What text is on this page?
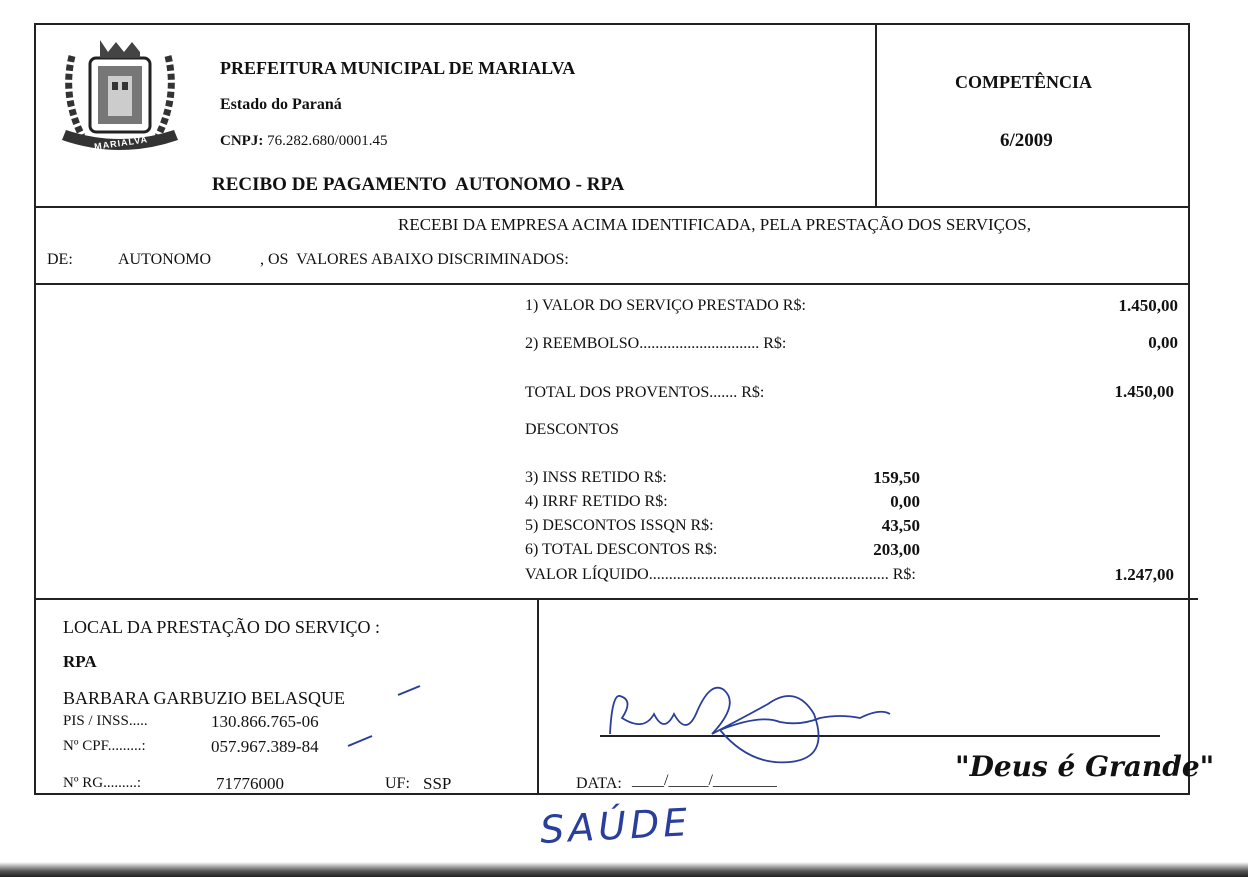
MARIALVA
PREFEITURA MUNICIPAL DE MARIALVA
Estado do Paraná
CNPJ: 76.282.680/0001.45
RECIBO DE PAGAMENTO  AUTONOMO - RPA
COMPETÊNCIA
6/2009
RECEBI DA EMPRESA ACIMA IDENTIFICADA, PELA PRESTAÇÃO DOS SERVIÇOS,
DE:	AUTONOMO	, OS  VALORES ABAIXO DISCRIMINADOS:
1) VALOR DO SERVIÇO PRESTADO R$:	1.450,00
2) REEMBOLSO.............................. R$:	0,00
TOTAL DOS PROVENTOS....... R$:	1.450,00
DESCONTOS
3) INSS RETIDO R$:	159,50
4) IRRF RETIDO R$:	0,00
5) DESCONTOS ISSQN R$:	43,50
6) TOTAL DESCONTOS R$:	203,00
VALOR LÍQUIDO............................................................ R$:	1.247,00
LOCAL DA PRESTAÇÃO DO SERVIÇO :
RPA
BARBARA GARBUZIO BELASQUE
PIS / INSS.....	130.866.765-06
Nº CPF.........:	057.967.389-84
Nº RG.........:	71776000	UF: SSP	DATA: ____/_____/________	"Deus é Grande"
SAÚDE
